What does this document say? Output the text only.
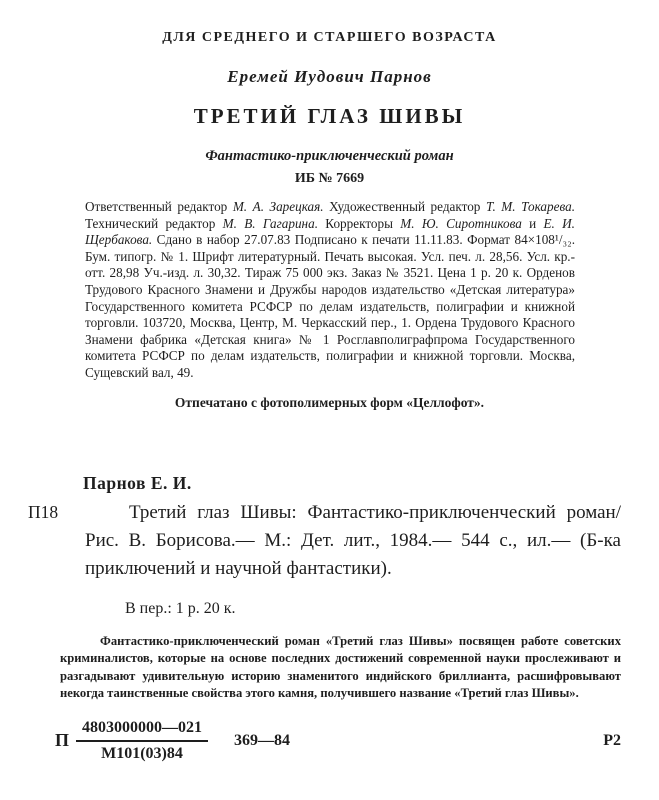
ДЛЯ СРЕДНЕГО И СТАРШЕГО ВОЗРАСТА
Еремей Иудович Парнов
ТРЕТИЙ ГЛАЗ ШИВЫ
Фантастико-приключенческий роман
ИБ № 7669
Ответственный редактор М. А. Зарецкая. Художественный редактор Т. М. Токарева. Технический редактор М. В. Гагарина. Корректоры М. Ю. Сиротникова и Е. И. Щербакова. Сдано в набор 27.07.83 Подписано к печати 11.11.83. Формат 84×108¹/₃₂. Бум. типогр. № 1. Шрифт литературный. Печать высокая. Усл. печ. л. 28,56. Усл. кр.-отт. 28,98 Уч.-изд. л. 30,32. Тираж 75 000 экз. Заказ № 3521. Цена 1 р. 20 к. Орденов Трудового Красного Знамени и Дружбы народов издательство «Детская литература» Государственного комитета РСФСР по делам издательств, полиграфии и книжной торговли. 103720, Москва, Центр, М. Черкасский пер., 1. Ордена Трудового Красного Знамени фабрика «Детская книга» № 1 Росглавполиграфпрома Государственного комитета РСФСР по делам издательств, полиграфии и книжной торговли. Москва, Сущевский вал, 49.
Отпечатано с фотополимерных форм «Целлофот».
Парнов Е. И.
П18	Третий глаз Шивы: Фантастико-приключенческий роман/Рис. В. Борисова.— М.: Дет. лит., 1984.— 544 с., ил.— (Б-ка приключений и научной фантастики).
В пер.: 1 р. 20 к.
Фантастико-приключенческий роман «Третий глаз Шивы» посвящен работе советских криминалистов, которые на основе последних достижений современной науки прослеживают и разгадывают удивительную историю знаменитого индийского бриллианта, расшифровывают некогда таинственные свойства этого камня, получившего название «Третий глаз Шивы».
П $\frac{4803000000—021}{М101(03)84}$ 369—84	Р2
